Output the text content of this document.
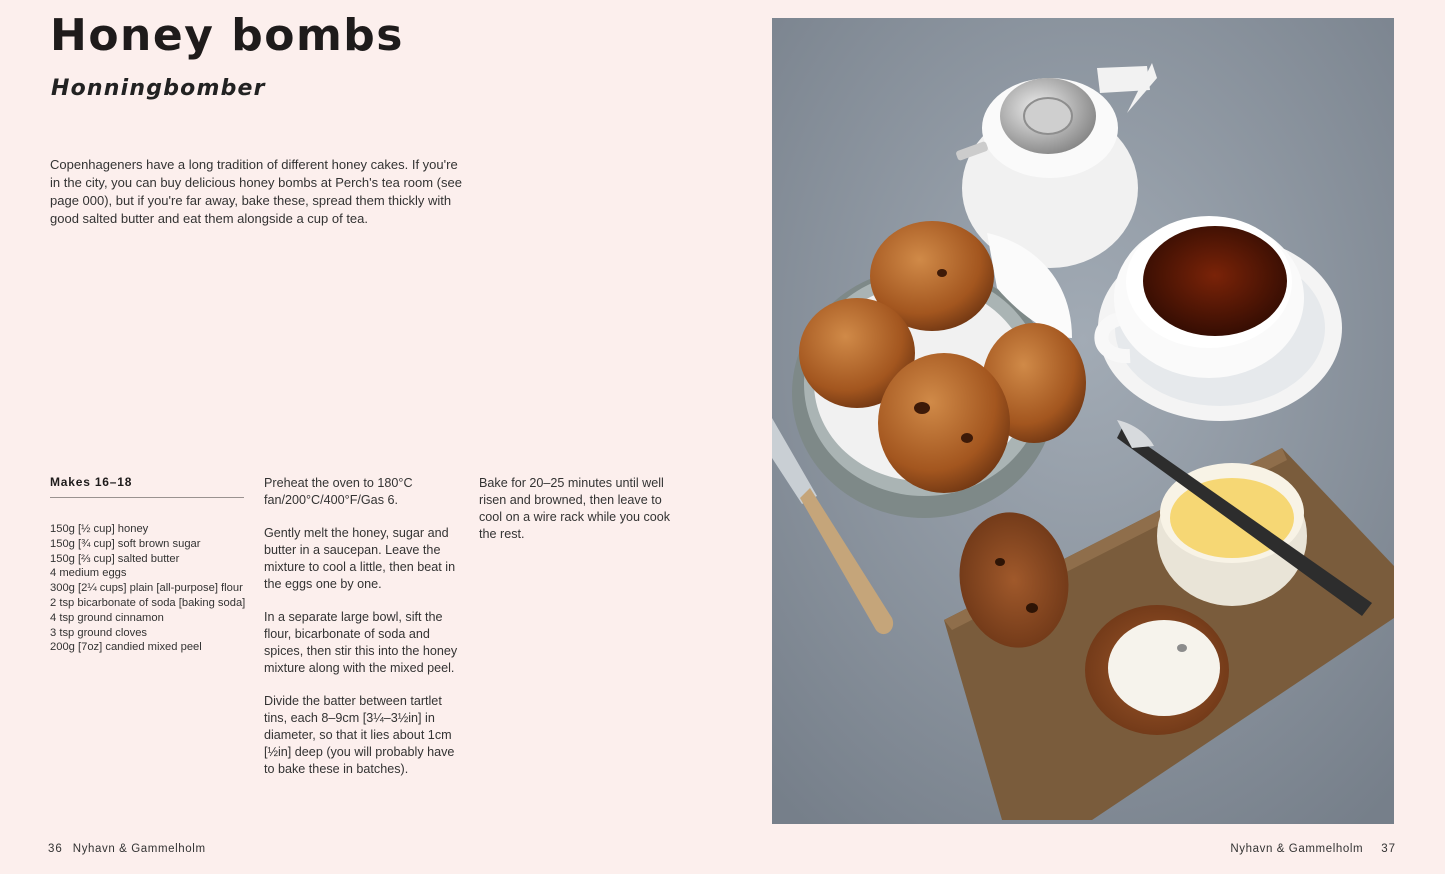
Honey bombs
Honningbomber

Copenhageners have a long tradition of different honey cakes. If you're in the city, you can buy delicious honey bombs at Perch's tea room (see page 000), but if you're far away, bake these, spread them thickly with good salted butter and eat them alongside a cup of tea.

Makes 16–18
150g [½ cup] honey
150g [¾ cup] soft brown sugar
150g [⅔ cup] salted butter
4 medium eggs
300g [2¼ cups] plain [all-purpose] flour
2 tsp bicarbonate of soda [baking soda]
4 tsp ground cinnamon
3 tsp ground cloves
200g [7oz] candied mixed peel

Preheat the oven to 180°C fan/200°C/400°F/Gas 6.

Gently melt the honey, sugar and butter in a saucepan. Leave the mixture to cool a little, then beat in the eggs one by one.

In a separate large bowl, sift the flour, bicarbonate of soda and spices, then stir this into the honey mixture along with the mixed peel.

Divide the batter between tartlet tins, each 8–9cm [3¼–3½in] in diameter, so that it lies about 1cm [½in] deep (you will probably have to bake these in batches).

Bake for 20–25 minutes until well risen and browned, then leave to cool on a wire rack while you cook the rest.

36 Nyhavn & Gammelholm	Nyhavn & Gammelholm 37
